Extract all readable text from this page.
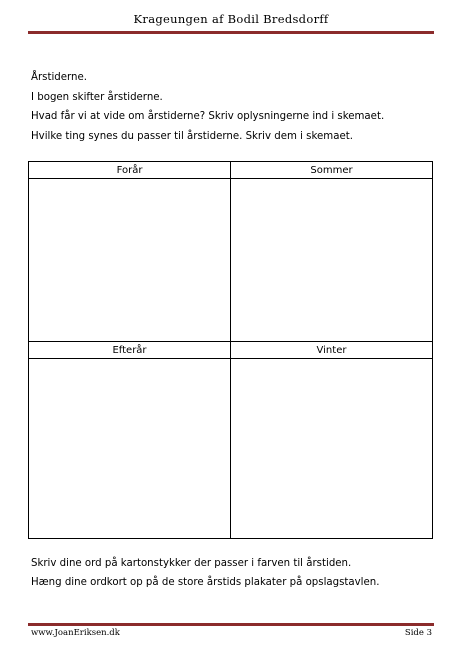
Krageungen af Bodil Bredsdorff
Årstiderne.
I bogen skifter årstiderne.
Hvad får vi at vide om årstiderne? Skriv oplysningerne ind i skemaet.
Hvilke ting synes du passer til årstiderne. Skriv dem i skemaet.
Forår	Sommer
Efterår	Vinter
Skriv dine ord på kartonstykker der passer i farven til årstiden.
Hæng dine ordkort op på de store årstids plakater på opslagstavlen.
www.JoanEriksen.dk	Side 3
